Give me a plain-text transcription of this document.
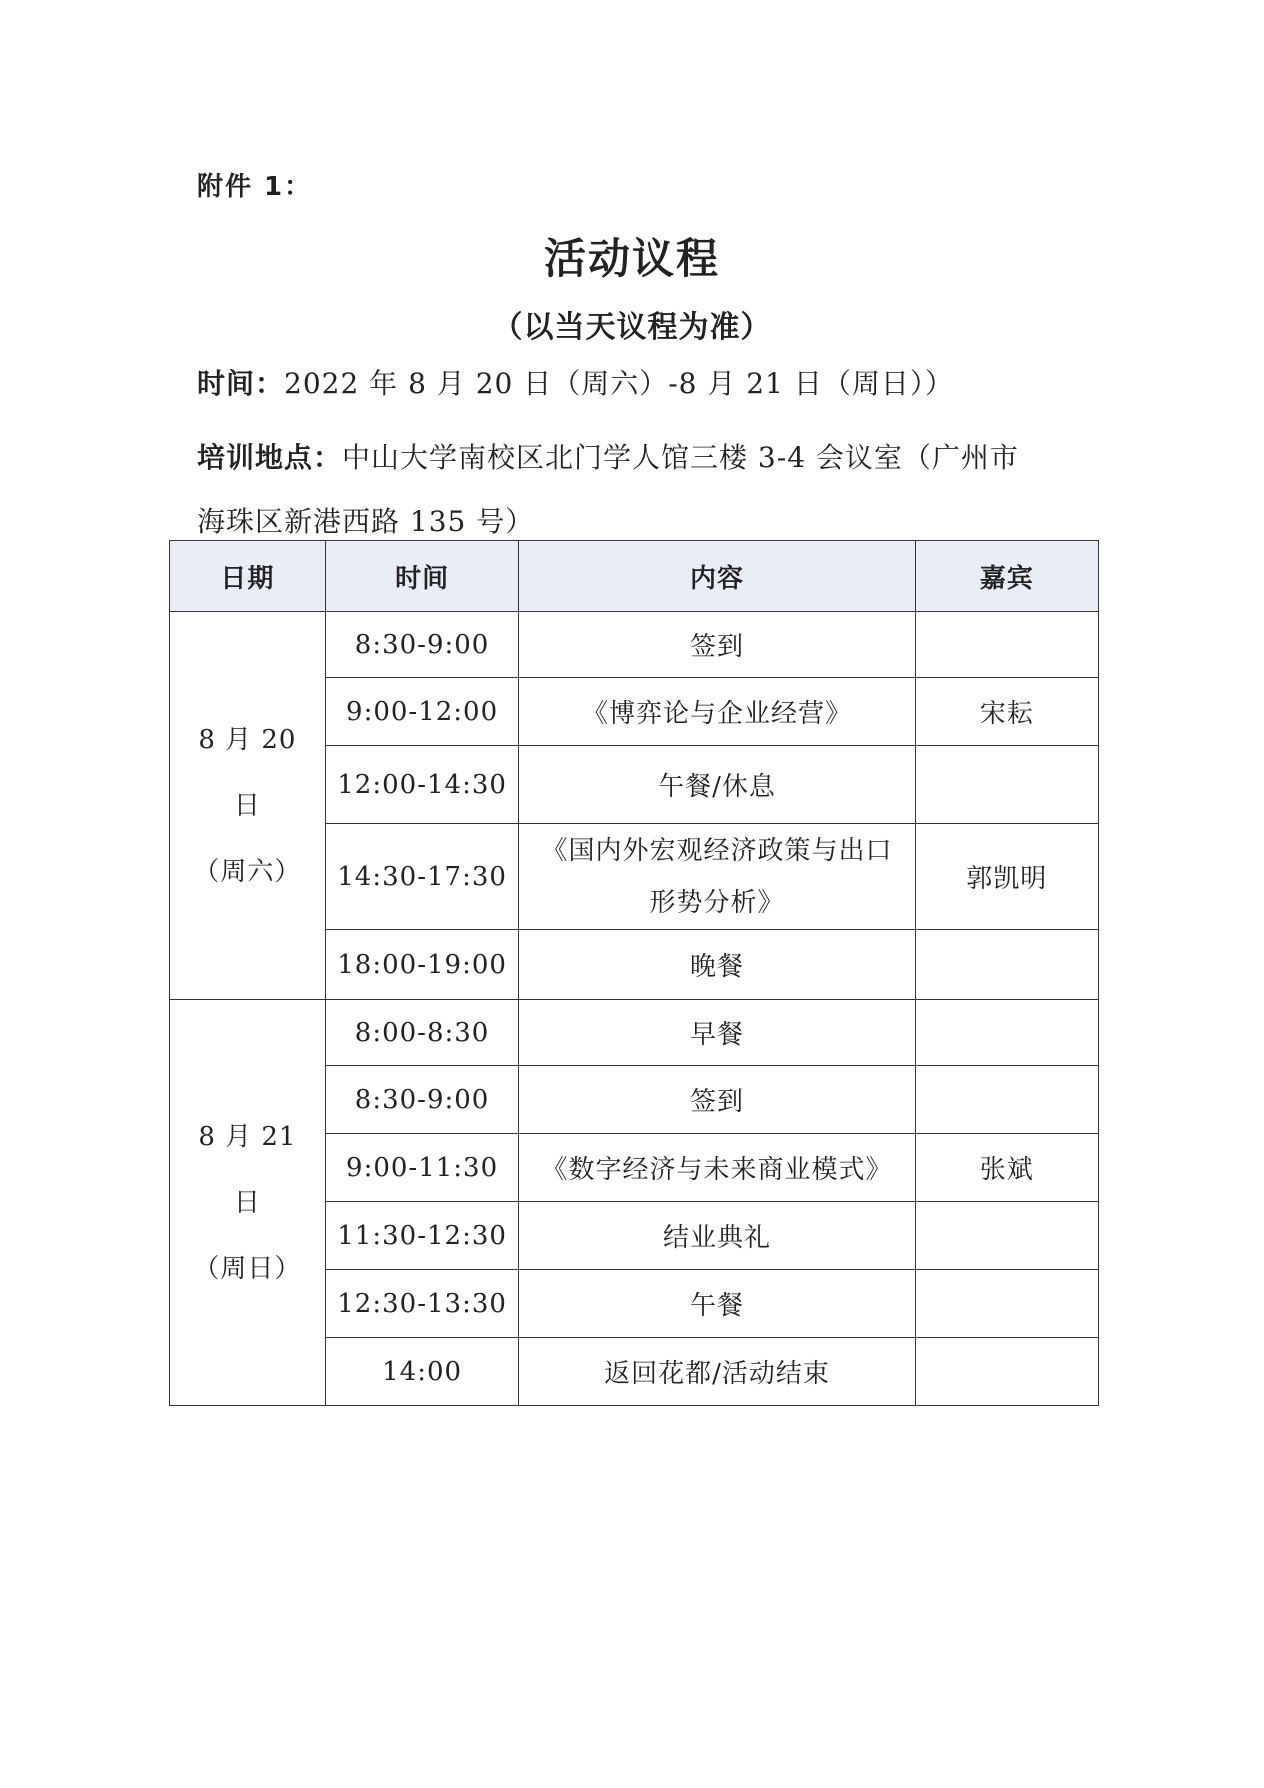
附件 1：
活动议程
（以当天议程为准）
时间：2022 年 8 月 20 日（周六）-8 月 21 日（周日））
培训地点：中山大学南校区北门学人馆三楼 3-4 会议室（广州市
海珠区新港西路 135 号）
日期	时间	内容	嘉宾

8 月 20
日
（周六）	8:30-9:00	签到	
	9:00-12:00	《博弈论与企业经营》	宋耘
	12:00-14:30	午餐/休息	
	14:30-17:30	《国内外宏观经济政策与出口
形势分析》	郭凯明
	18:00-19:00	晚餐	

8 月 21
日
（周日）	8:00-8:30	早餐	
	8:30-9:00	签到	
	9:00-11:30	《数字经济与未来商业模式》	张斌
	11:30-12:30	结业典礼	
	12:30-13:30	午餐	
	14:00	返回花都/活动结束	
